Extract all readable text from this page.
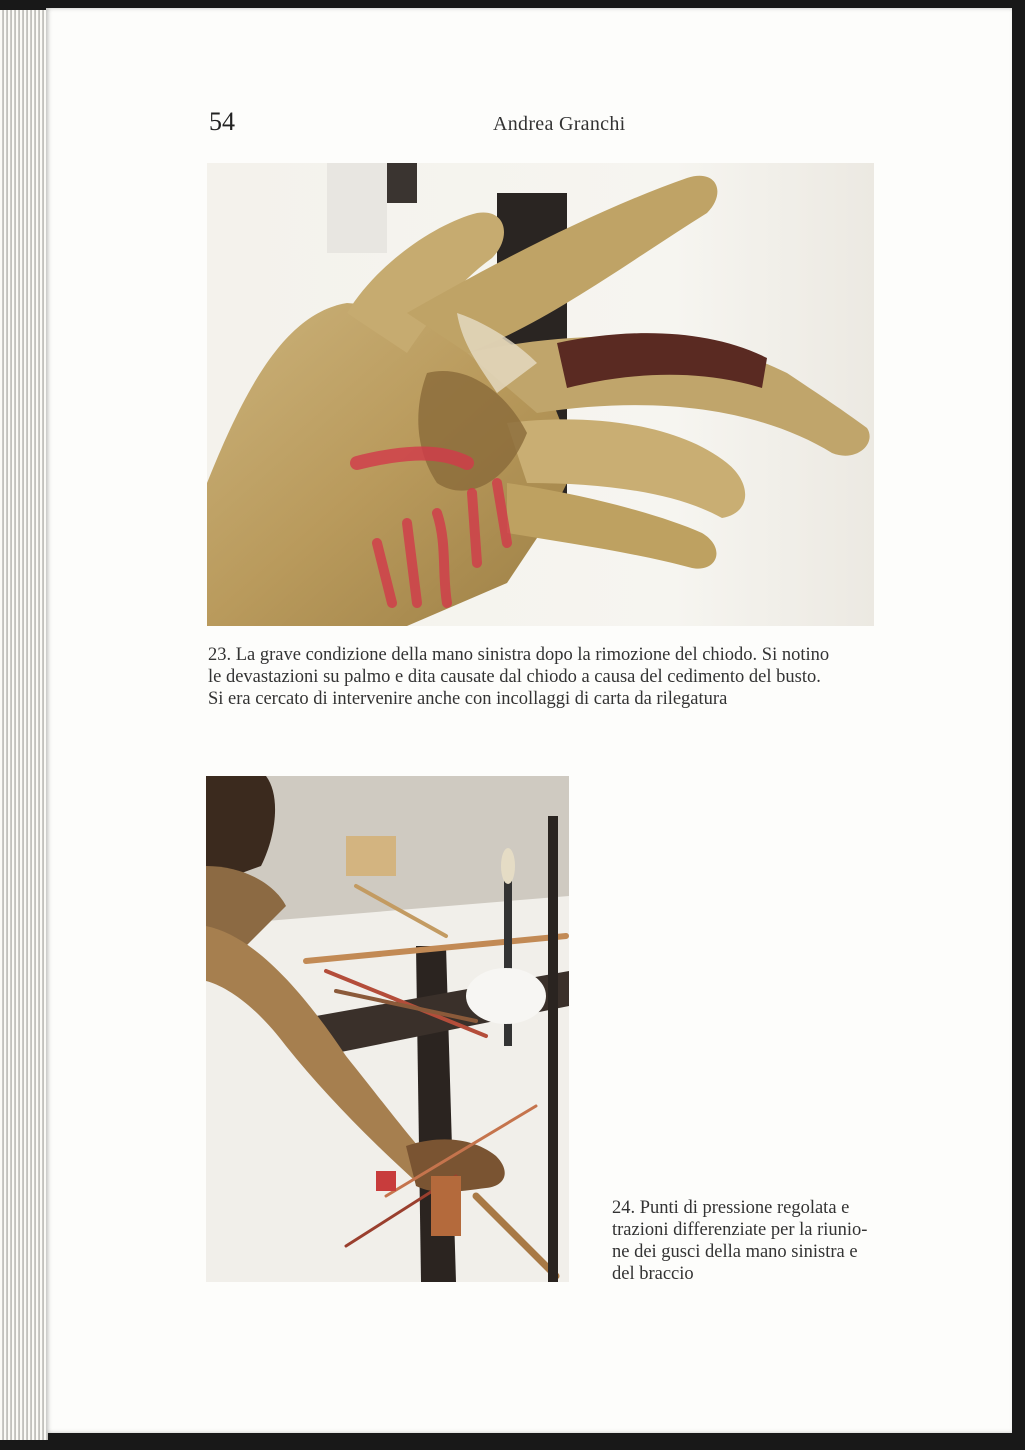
54	Andrea Granchi
23. La grave condizione della mano sinistra dopo la rimozione del chiodo. Si notino
le devastazioni su palmo e dita causate dal chiodo a causa del cedimento del busto.
Si era cercato di intervenire anche con incollaggi di carta da rilegatura
24. Punti di pressione regolata e
trazioni differenziate per la riunio-
ne dei gusci della mano sinistra e
del braccio
